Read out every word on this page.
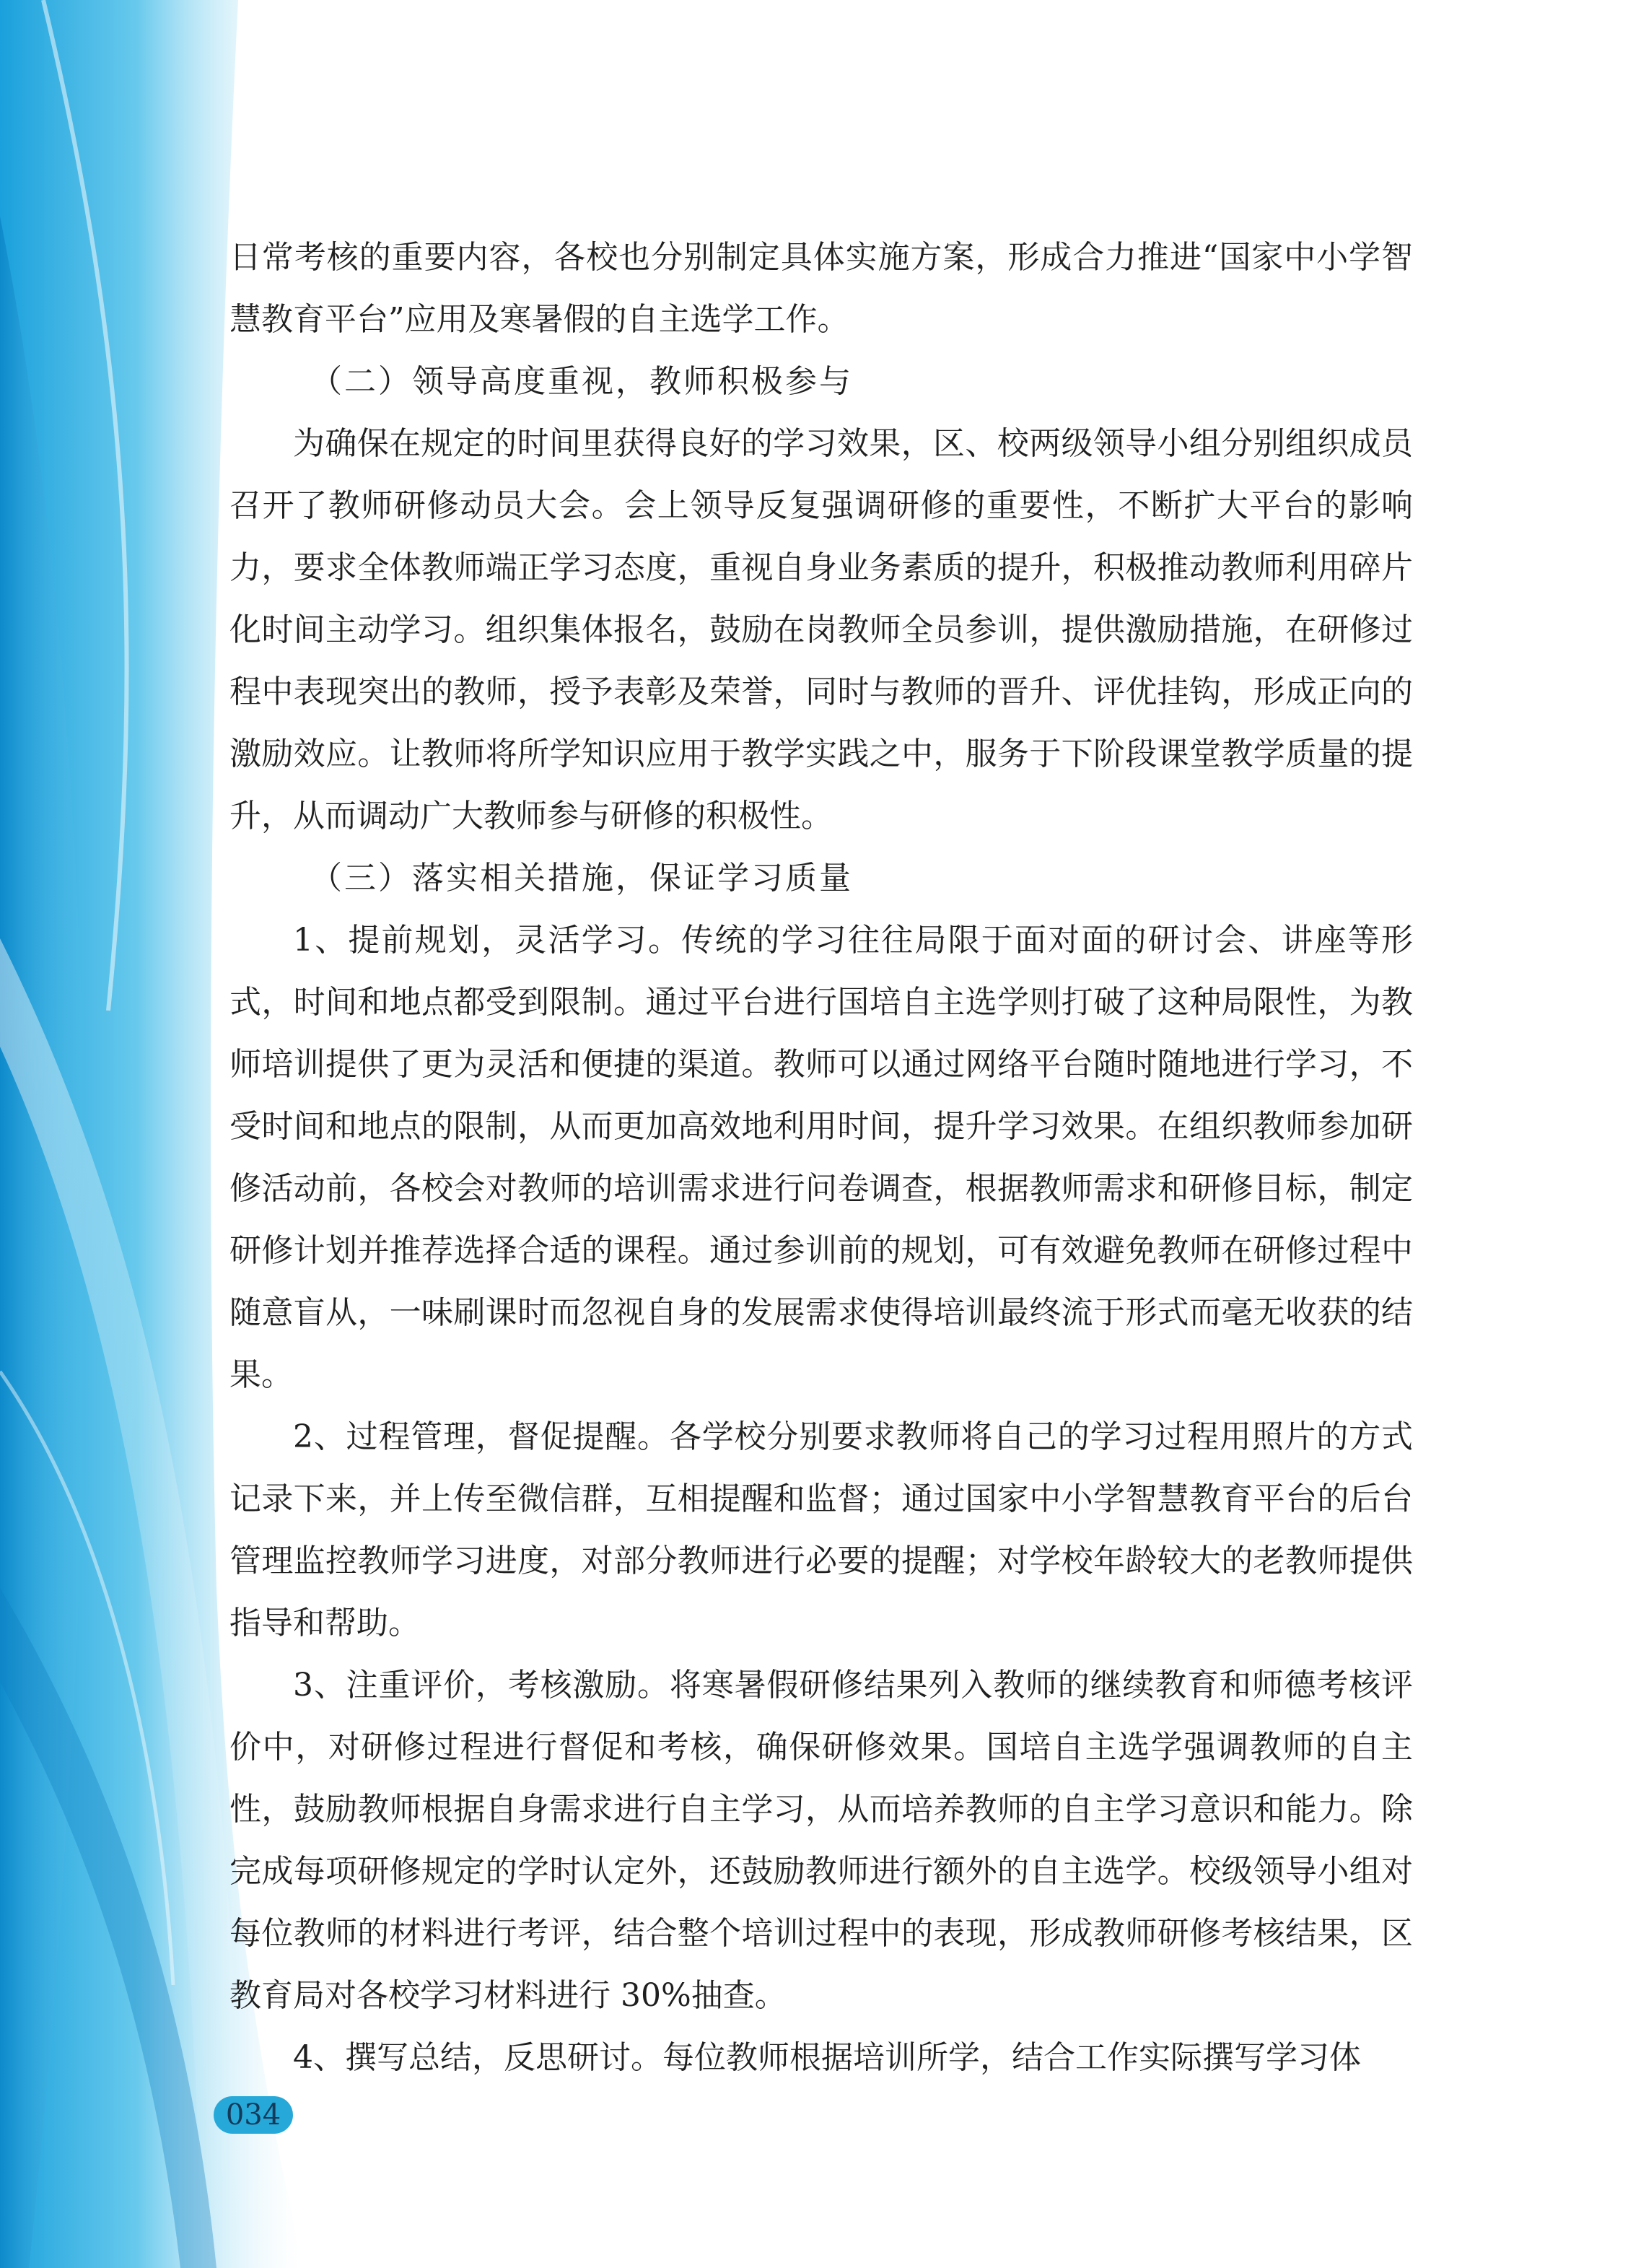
日常考核的重要内容，各校也分别制定具体实施方案，形成合力推进“国家中小学智慧教育平台”应用及寒暑假的自主选学工作。

（二）领导高度重视，教师积极参与

为确保在规定的时间里获得良好的学习效果，区、校两级领导小组分别组织成员召开了教师研修动员大会。会上领导反复强调研修的重要性，不断扩大平台的影响力，要求全体教师端正学习态度，重视自身业务素质的提升，积极推动教师利用碎片化时间主动学习。组织集体报名，鼓励在岗教师全员参训，提供激励措施，在研修过程中表现突出的教师，授予表彰及荣誉，同时与教师的晋升、评优挂钩，形成正向的激励效应。让教师将所学知识应用于教学实践之中，服务于下阶段课堂教学质量的提升，从而调动广大教师参与研修的积极性。

（三）落实相关措施，保证学习质量

1、提前规划，灵活学习。传统的学习往往局限于面对面的研讨会、讲座等形式，时间和地点都受到限制。通过平台进行国培自主选学则打破了这种局限性，为教师培训提供了更为灵活和便捷的渠道。教师可以通过网络平台随时随地进行学习，不受时间和地点的限制，从而更加高效地利用时间，提升学习效果。在组织教师参加研修活动前，各校会对教师的培训需求进行问卷调查，根据教师需求和研修目标，制定研修计划并推荐选择合适的课程。通过参训前的规划，可有效避免教师在研修过程中随意盲从，一味刷课时而忽视自身的发展需求使得培训最终流于形式而毫无收获的结果。

2、过程管理，督促提醒。各学校分别要求教师将自己的学习过程用照片的方式记录下来，并上传至微信群，互相提醒和监督；通过国家中小学智慧教育平台的后台管理监控教师学习进度，对部分教师进行必要的提醒；对学校年龄较大的老教师提供指导和帮助。

3、注重评价，考核激励。将寒暑假研修结果列入教师的继续教育和师德考核评价中，对研修过程进行督促和考核，确保研修效果。国培自主选学强调教师的自主性，鼓励教师根据自身需求进行自主学习，从而培养教师的自主学习意识和能力。除完成每项研修规定的学时认定外，还鼓励教师进行额外的自主选学。校级领导小组对每位教师的材料进行考评，结合整个培训过程中的表现，形成教师研修考核结果，区教育局对各校学习材料进行 30%抽查。

4、撰写总结，反思研讨。每位教师根据培训所学，结合工作实际撰写学习体

034
